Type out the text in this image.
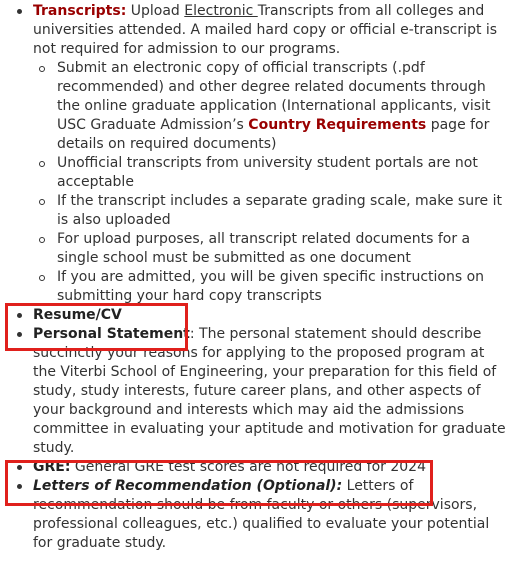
Transcripts: Upload Electronic Transcripts from all colleges and universities attended. A mailed hard copy or official e-transcript is not required for admission to our programs.
Submit an electronic copy of official transcripts (.pdf recommended) and other degree related documents through the online graduate application (International applicants, visit USC Graduate Admission’s Country Requirements page for details on required documents)
Unofficial transcripts from university student portals are not acceptable
If the transcript includes a separate grading scale, make sure it is also uploaded
For upload purposes, all transcript related documents for a single school must be submitted as one document
If you are admitted, you will be given specific instructions on submitting your hard copy transcripts
Resume/CV
Personal Statement: The personal statement should describe succinctly your reasons for applying to the proposed program at the Viterbi School of Engineering, your preparation for this field of study, study interests, future career plans, and other aspects of your background and interests which may aid the admissions committee in evaluating your aptitude and motivation for graduate study.
GRE: General GRE test scores are not required for 2024
Letters of Recommendation (Optional): Letters of recommendation should be from faculty or others (supervisors, professional colleagues, etc.) qualified to evaluate your potential for graduate study.
